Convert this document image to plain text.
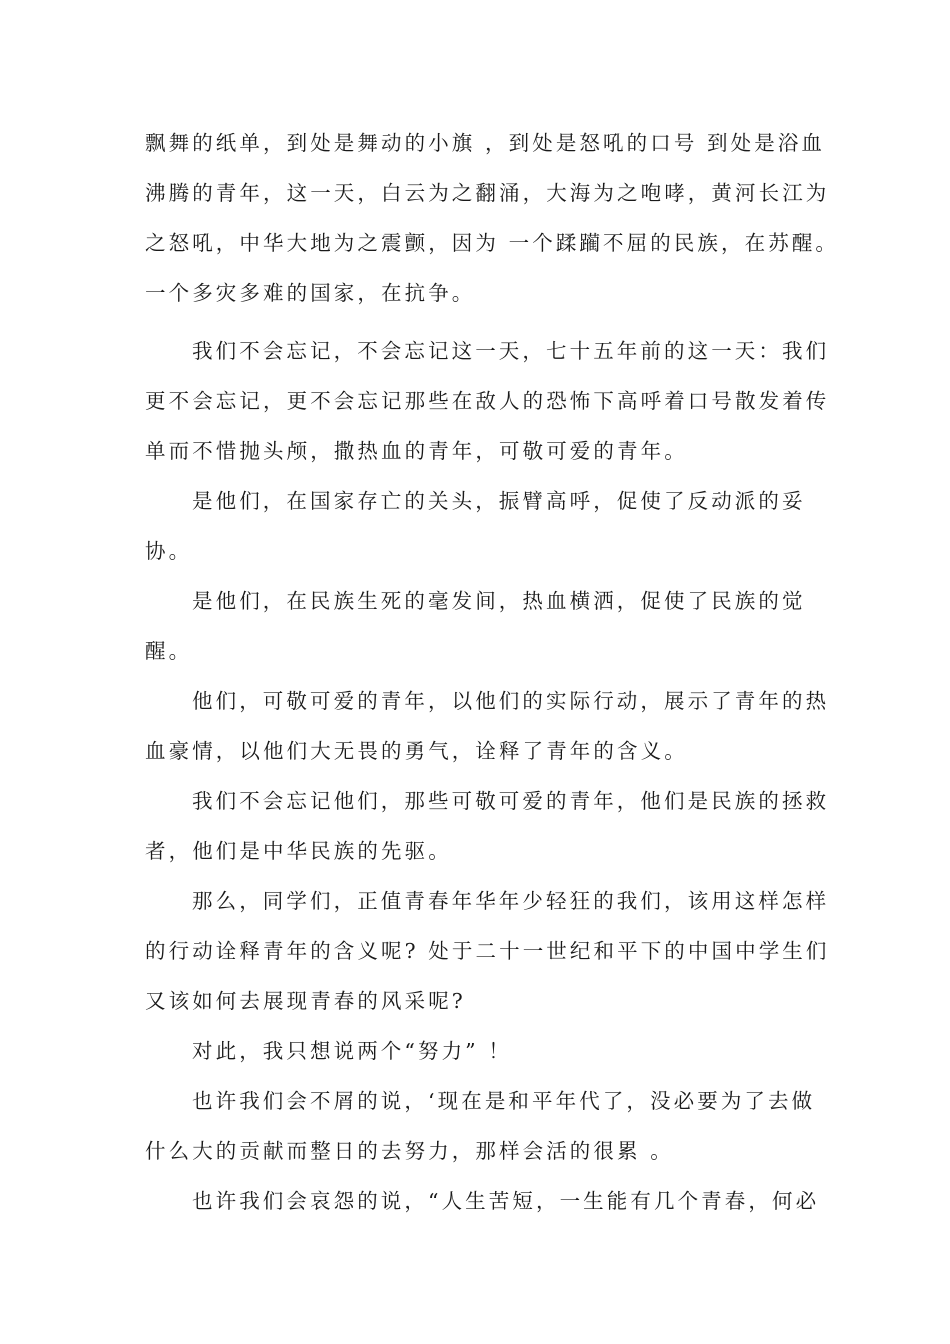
飘舞的纸单，到处是舞动的小旗 ，到处是怒吼的口号 到处是浴血
沸腾的青年，这一天，白云为之翻涌，大海为之咆哮，黄河长江为
之怒吼，中华大地为之震颤，因为 一个蹂躏不屈的民族，在苏醒。
一个多灾多难的国家，在抗争。
我们不会忘记，不会忘记这一天，七十五年前的这一天：我们
更不会忘记，更不会忘记那些在敌人的恐怖下高呼着口号散发着传
单而不惜抛头颅，撒热血的青年，可敬可爱的青年。
是他们，在国家存亡的关头，振臂高呼，促使了反动派的妥
协。
是他们，在民族生死的毫发间，热血横洒，促使了民族的觉
醒。
他们，可敬可爱的青年，以他们的实际行动，展示了青年的热
血豪情，以他们大无畏的勇气，诠释了青年的含义。
我们不会忘记他们，那些可敬可爱的青年，他们是民族的拯救
者，他们是中华民族的先驱。
那么，同学们，正值青春年华年少轻狂的我们，该用这样怎样
的行动诠释青年的含义呢? 处于二十一世纪和平下的中国中学生们
又该如何去展现青春的风采呢?
对此，我只想说两个“努力” ！
也许我们会不屑的说，‘现在是和平年代了，没必要为了去做
什么大的贡献而整日的去努力，那样会活的很累 。
也许我们会哀怨的说，“人生苦短，一生能有几个青春，何必
